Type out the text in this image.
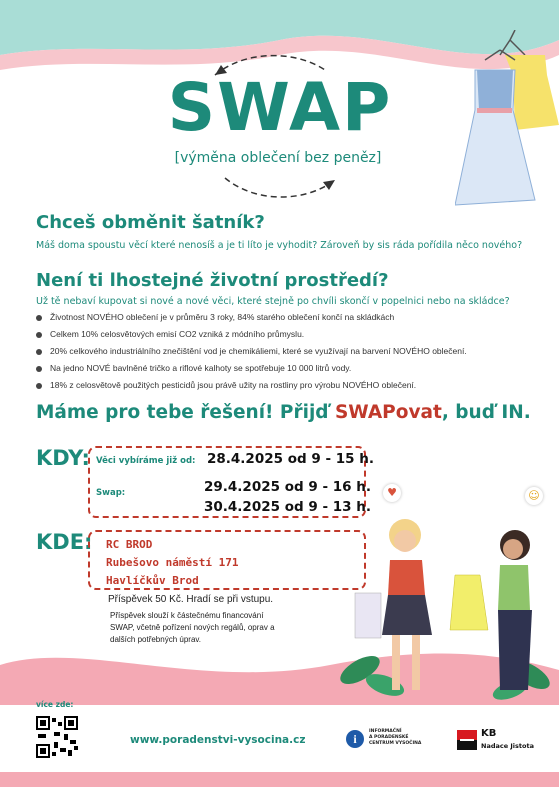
SWAP
[výměna oblečení bez peněz]
Chceš obměnit šatník?
Máš doma spoustu věcí které nenosíš a je ti líto je vyhodit? Zároveň by sis ráda pořídila něco nového?
Není ti lhostejné životní prostředí?
Už tě nebaví kupovat si nové a nové věci, které stejně po chvíli skončí v popelnici nebo na skládce?
Životnost NOVÉHO oblečení je v průměru 3 roky, 84% starého oblečení končí na skládkách
Celkem 10% celosvětových emisí CO2 vzniká z módního průmyslu.
20% celkového industriálního znečištění vod je chemikáliemi, které se využívají na barvení NOVÉHO oblečení.
Na jedno NOVÉ bavlněné tričko a riflové kalhoty se spotřebuje 10 000 litrů vody.
18% z celosvětově použitých pesticidů jsou právě užity na rostliny pro výrobu NOVÉHO oblečení.
Máme pro tebe řešení! Přijď SWAPovat, buď IN.
KDY: Věci vybíráme již od: 28.4.2025 od 9 - 15 h.
Swap:	29.4.2025 od 9 - 16 h.
30.4.2025 od 9 - 13 h.
KDE: RC BROD
Rubešovo náměstí 171
Havlíčkův Brod
Příspěvek 50 Kč. Hradí se při vstupu.
Příspěvek slouží k částečnému financování
SWAP, včetně pořízení nových regálů, oprav a
dalších potřebných úprav.
♥	☺
více zde:
www.poradenstvi-vysocina.cz	i
INFORMAČNÍ
A PORADENSKÉ
CENTRUM VYSOČINA
KB
Nadace Jistota
